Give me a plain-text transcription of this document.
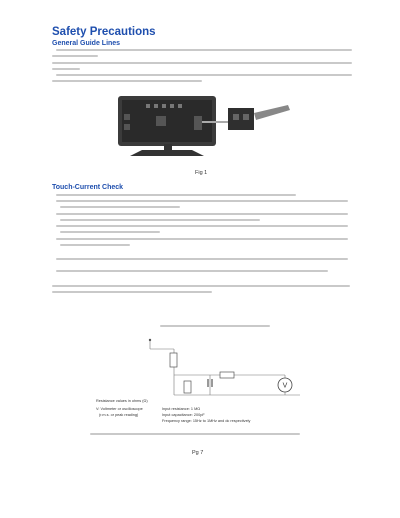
Safety Precautions
General Guide Lines
Fig 1
Touch-Current Check
V
Resistance values in ohms (Ω)
V: Voltmeter or oscilloscope
(r.m.s. or peak reading)
Input resistance: 1 MΩ
Input capacitance: 200pF
Frequency range: 15Hz to 1MHz and dc respectively
Pg 7
